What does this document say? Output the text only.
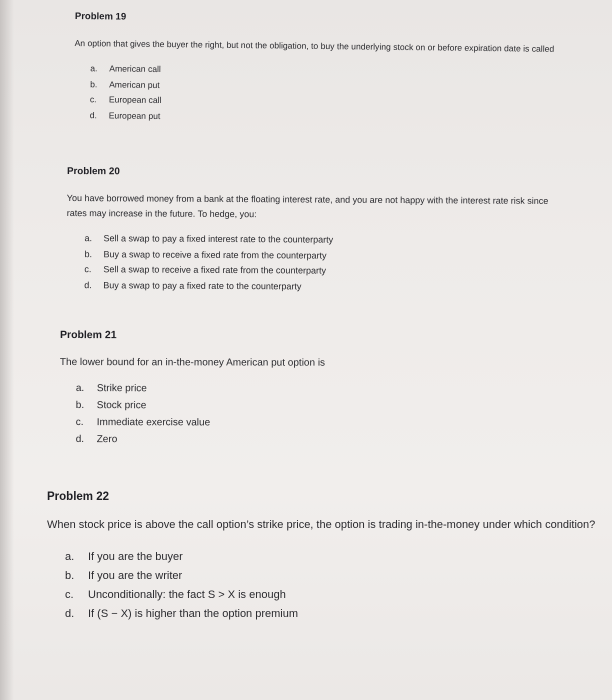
Problem 19

An option that gives the buyer the right, but not the obligation, to buy the underlying stock on or before expiration date is called

a.	American call
b.	American put
c.	European call
d.	European put
Problem 20

You have borrowed money from a bank at the floating interest rate, and you are not happy with the interest rate risk since rates may increase in the future. To hedge, you:

a.	Sell a swap to pay a fixed interest rate to the counterparty
b.	Buy a swap to receive a fixed rate from the counterparty
c.	Sell a swap to receive a fixed rate from the counterparty
d.	Buy a swap to pay a fixed rate to the counterparty
Problem 21

The lower bound for an in-the-money American put option is

a.	Strike price
b.	Stock price
c.	Immediate exercise value
d.	Zero
Problem 22

When stock price is above the call option’s strike price, the option is trading in-the-money under which condition?

a.	If you are the buyer
b.	If you are the writer
c.	Unconditionally: the fact S > X is enough
d.	If (S − X) is higher than the option premium
